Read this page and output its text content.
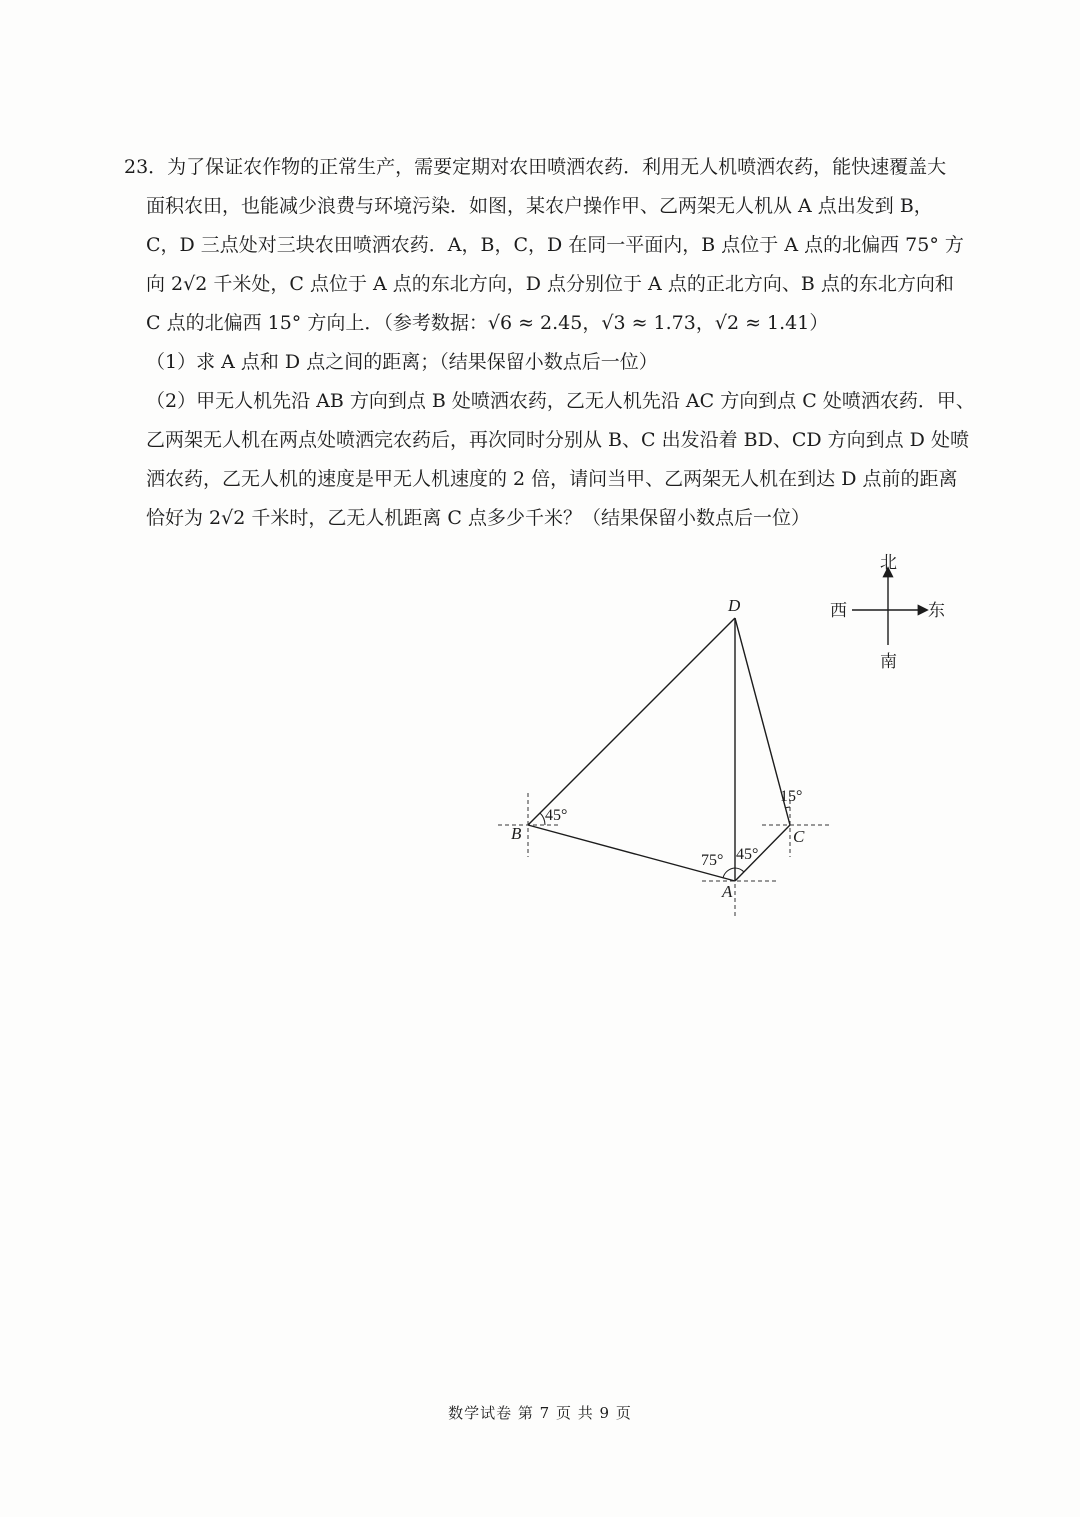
23．为了保证农作物的正常生产，需要定期对农田喷洒农药．利用无人机喷洒农药，能快速覆盖大
面积农田，也能减少浪费与环境污染．如图，某农户操作甲、乙两架无人机从 A 点出发到 B，
C，D 三点处对三块农田喷洒农药．A，B，C，D 在同一平面内，B 点位于 A 点的北偏西 75° 方
向 2√2 千米处，C 点位于 A 点的东北方向，D 点分别位于 A 点的正北方向、B 点的东北方向和
C 点的北偏西 15° 方向上．（参考数据：√6 ≈ 2.45，√3 ≈ 1.73，√2 ≈ 1.41）
（1）求 A 点和 D 点之间的距离；（结果保留小数点后一位）
（2）甲无人机先沿 AB 方向到点 B 处喷洒农药，乙无人机先沿 AC 方向到点 C 处喷洒农药．甲、
乙两架无人机在两点处喷洒完农药后，再次同时分别从 B、C 出发沿着 BD、CD 方向到点 D 处喷
洒农药，乙无人机的速度是甲无人机速度的 2 倍，请问当甲、乙两架无人机在到达 D 点前的距离
恰好为 2√2 千米时，乙无人机距离 C 点多少千米？（结果保留小数点后一位）
D
B
A
C
45°
75° 45°
15°
北
南
东
西
数学试卷 第 7 页 共 9 页
